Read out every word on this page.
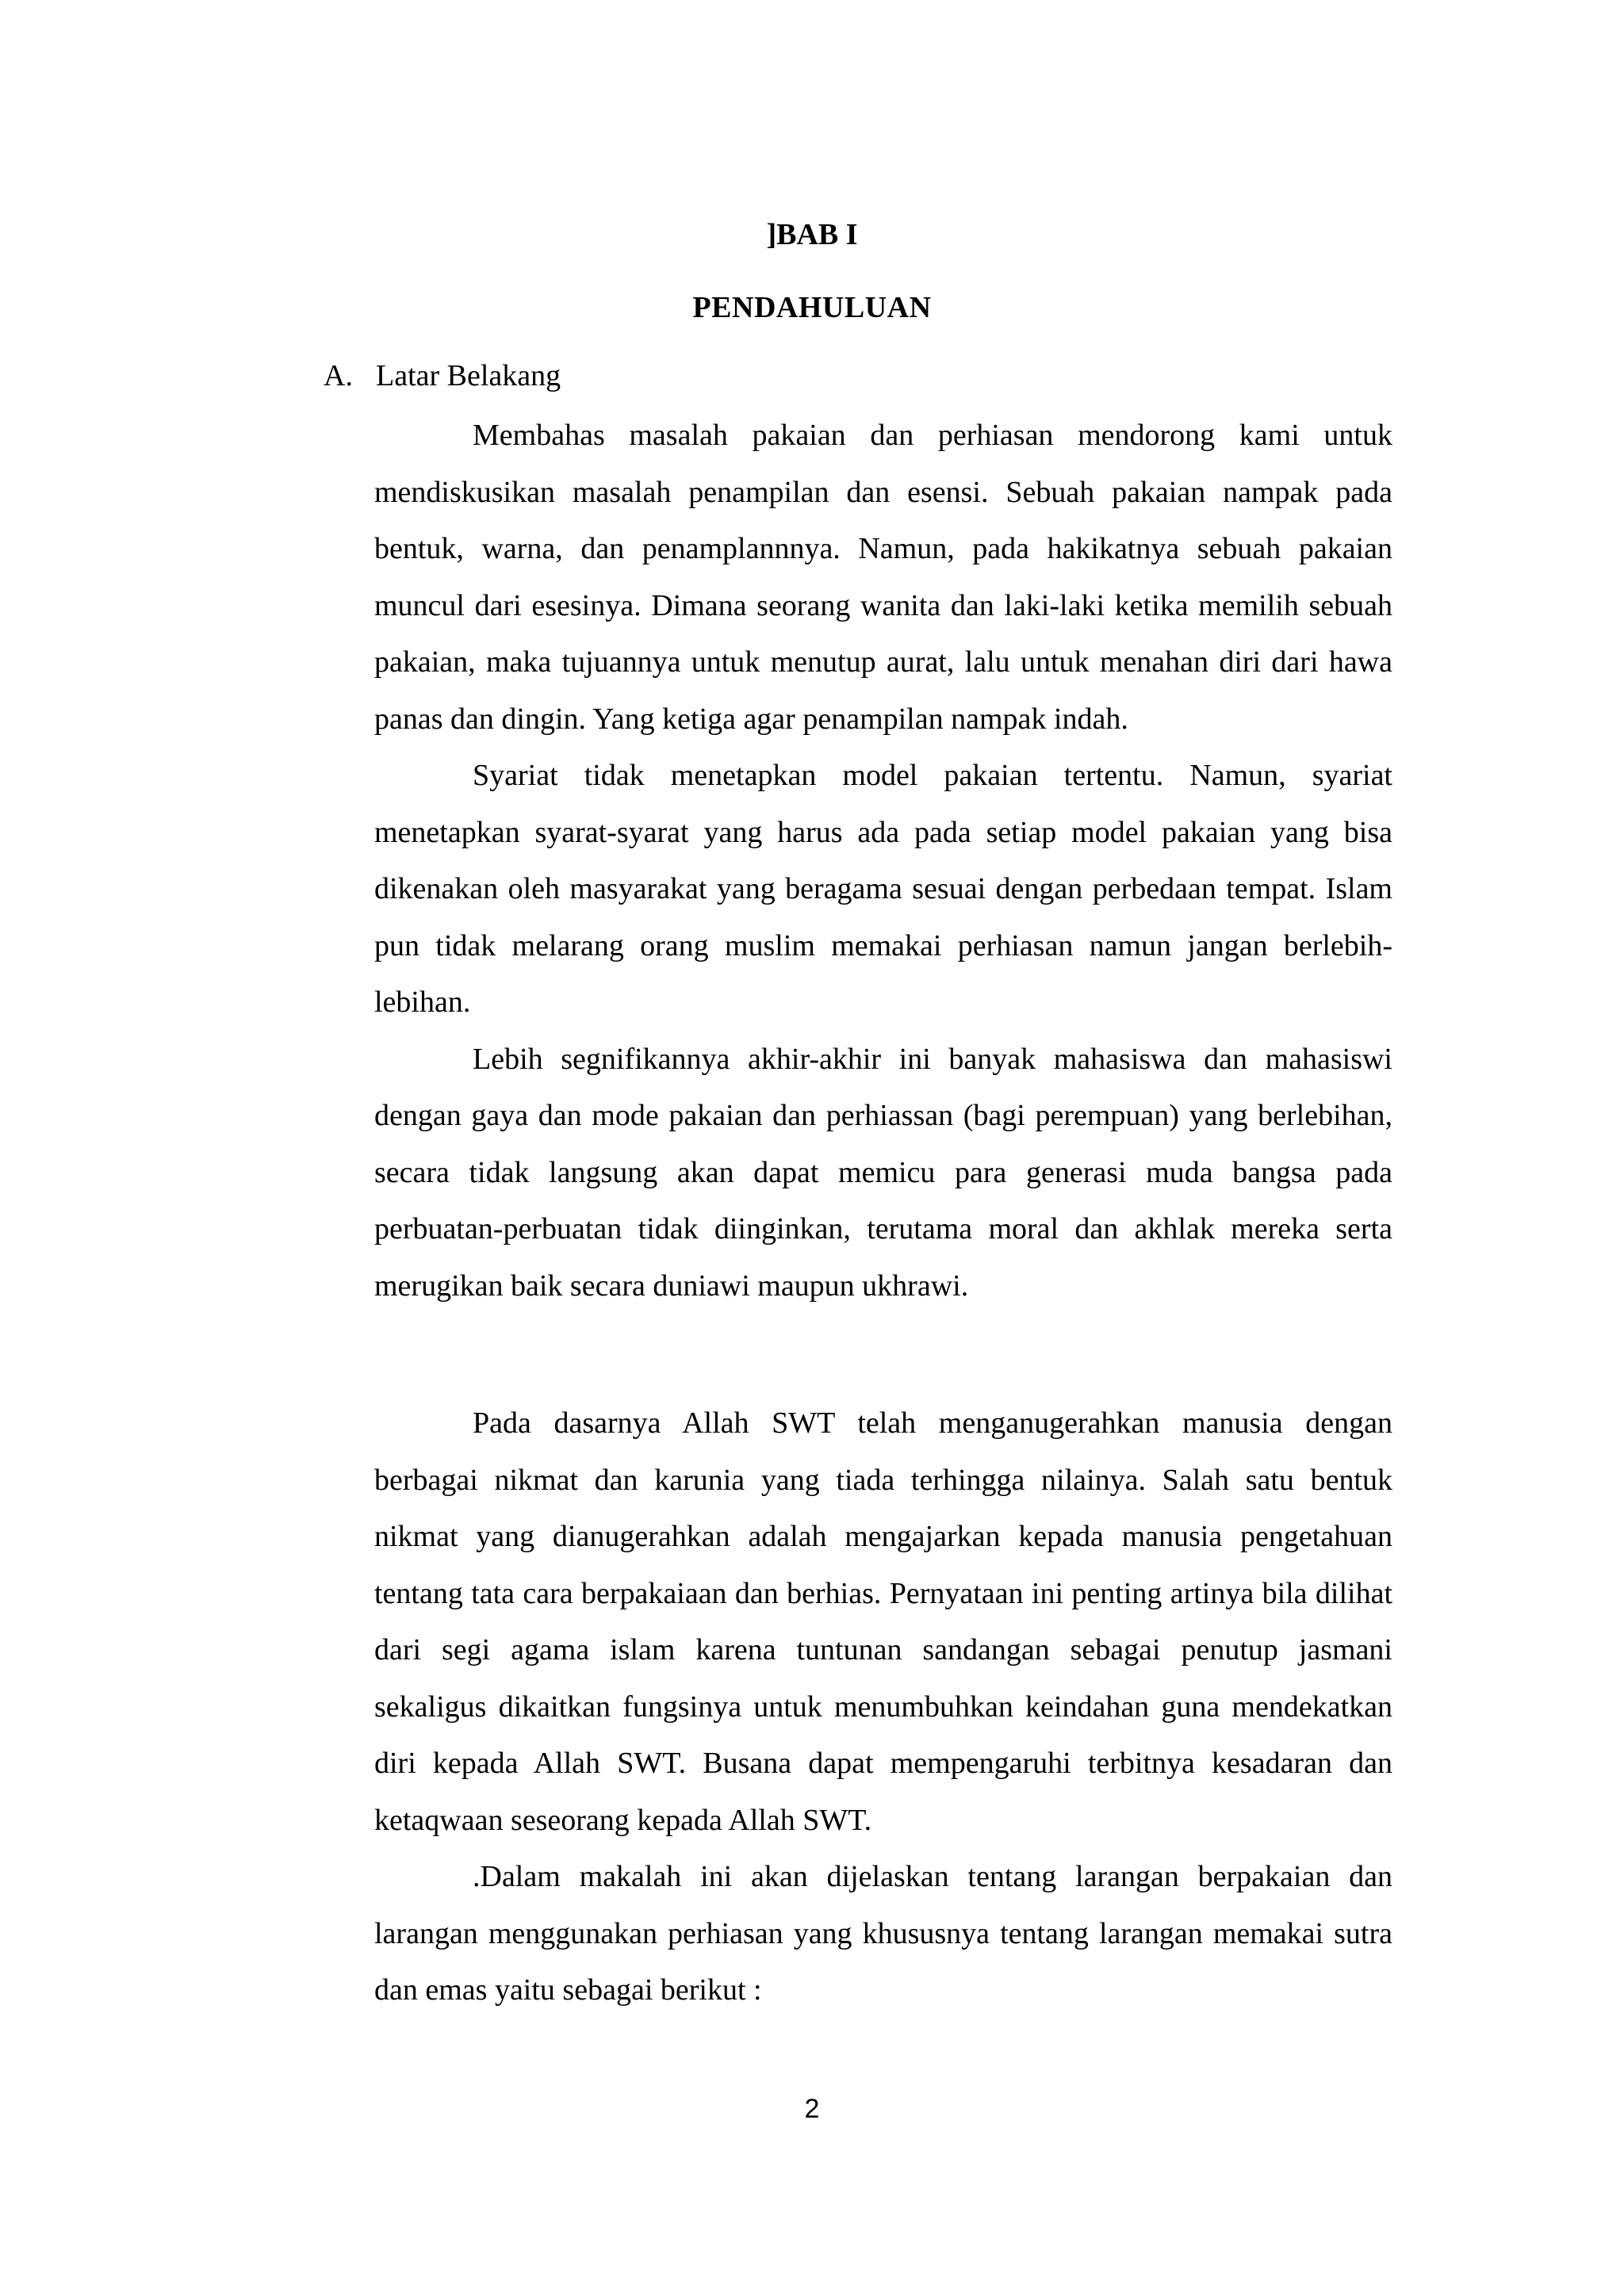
]BAB I
PENDAHULUAN
A. Latar Belakang

Membahas masalah pakaian dan perhiasan mendorong kami untuk mendiskusikan masalah penampilan dan esensi. Sebuah pakaian nampak pada bentuk, warna, dan penamplannnya. Namun, pada hakikatnya sebuah pakaian muncul dari esesinya. Dimana seorang wanita dan laki-laki ketika memilih sebuah pakaian, maka tujuannya untuk menutup aurat, lalu untuk menahan diri dari hawa panas dan dingin. Yang ketiga agar penampilan nampak indah.

Syariat tidak menetapkan model pakaian tertentu. Namun, syariat menetapkan syarat-syarat yang harus ada pada setiap model pakaian yang bisa dikenakan oleh masyarakat yang beragama sesuai dengan perbedaan tempat. Islam pun tidak melarang orang muslim memakai perhiasan namun jangan berlebih-lebihan.

Lebih segnifikannya akhir-akhir ini banyak mahasiswa dan mahasiswi dengan gaya dan mode pakaian dan perhiassan (bagi perempuan) yang berlebihan, secara tidak langsung akan dapat memicu para generasi muda bangsa pada perbuatan-perbuatan tidak diinginkan, terutama moral dan akhlak mereka serta merugikan baik secara duniawi maupun ukhrawi.

Pada dasarnya Allah SWT telah menganugerahkan manusia dengan berbagai nikmat dan karunia yang tiada terhingga nilainya. Salah satu bentuk nikmat yang dianugerahkan adalah mengajarkan kepada manusia pengetahuan tentang tata cara berpakaiaan dan berhias. Pernyataan ini penting artinya bila dilihat dari segi agama islam karena tuntunan sandangan sebagai penutup jasmani sekaligus dikaitkan fungsinya untuk menumbuhkan keindahan guna mendekatkan diri kepada Allah SWT. Busana dapat mempengaruhi terbitnya kesadaran dan ketaqwaan seseorang kepada Allah SWT.

.Dalam makalah ini akan dijelaskan tentang larangan berpakaian dan larangan menggunakan perhiasan yang khususnya tentang larangan memakai sutra dan emas yaitu sebagai berikut :

2
